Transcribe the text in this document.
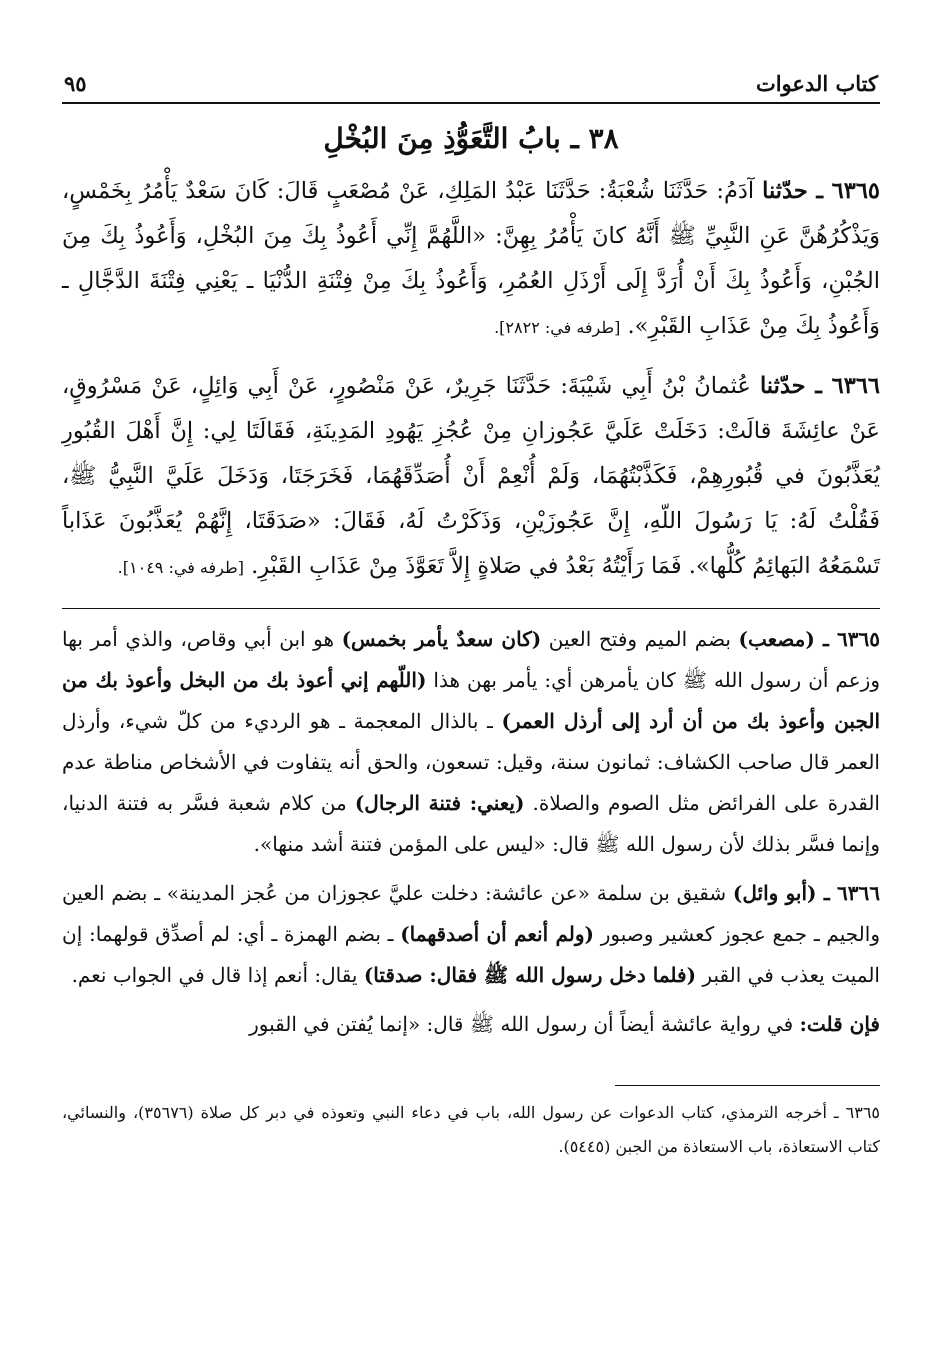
كتاب الدعوات
٩٥
٣٨ ـ بابُ التَّعَوُّذِ مِنَ البُخْلِ

٦٣٦٥ ـ حدّثنا آدَمُ: حَدَّثَنَا شُعْبَةُ: حَدَّثَنَا عَبْدُ المَلِكِ، عَنْ مُصْعَبٍ قَالَ: كَانَ سَعْدٌ يَأْمُرُ بِخَمْسٍ، وَيَذْكُرُهُنَّ عَنِ النَّبِيِّ ﷺ أَنَّهُ كانَ يَأْمُرُ بِهِنَّ: «اللَّهُمَّ إِنِّي أَعُوذُ بِكَ مِنَ البُخْلِ، وَأَعُوذُ بِكَ مِنَ الجُبْنِ، وَأَعُوذُ بِكَ أَنْ أُرَدَّ إِلَى أَرْذَلِ العُمُرِ، وَأَعُوذُ بِكَ مِنْ فِتْنَةِ الدُّنْيَا ـ يَعْنِي فِتْنَةَ الدَّجَّالِ ـ وَأَعُوذُ بِكَ مِنْ عَذَابِ القَبْرِ». [طرفه في: ٢٨٢٢].

٦٣٦٦ ـ حدّثنا عُثمانُ بْنُ أَبِي شَيْبَةَ: حَدَّثَنَا جَرِيرٌ، عَنْ مَنْصُورٍ، عَنْ أَبِي وَائِلٍ، عَنْ مَسْرُوقٍ، عَنْ عائِشَةَ قالَتْ: دَخَلَتْ عَلَيَّ عَجُوزانِ مِنْ عُجُزِ يَهُودِ المَدِينَةِ، فَقَالَتَا لِي: إِنَّ أَهْلَ القُبُورِ يُعَذَّبُونَ في قُبُورِهِمْ، فَكَذَّبْتُهُمَا، وَلَمْ أُنْعِمْ أَنْ أُصَدِّقَهُمَا، فَخَرَجَتَا، وَدَخَلَ عَلَيَّ النَّبِيُّ ﷺ، فَقُلْتُ لَهُ: يَا رَسُولَ اللّهِ، إِنَّ عَجُوزَيْنِ، وَذَكَرْتُ لَهُ، فَقَالَ: «صَدَقَتَا، إِنَّهُمْ يُعَذَّبُونَ عَذَاباً تَسْمَعُهُ البَهائِمُ كُلُّها». فَمَا رَأَيْتُهُ بَعْدُ في صَلاةٍ إِلاَّ تَعَوَّذَ مِنْ عَذَابِ القَبْرِ. [طرفه في: ١٠٤٩].

٦٣٦٥ ـ (مصعب) بضم الميم وفتح العين (كان سعدٌ يأمر بخمس) هو ابن أبي وقاص، والذي أمر بها وزعم أن رسول الله ﷺ كان يأمرهن أي: يأمر بهن هذا (اللّهم إني أعوذ بك من البخل وأعوذ بك من الجبن وأعوذ بك من أن أرد إلى أرذل العمر) ـ بالذال المعجمة ـ هو الرديء من كلّ شيء، وأرذل العمر قال صاحب الكشاف: ثمانون سنة، وقيل: تسعون، والحق أنه يتفاوت في الأشخاص مناطة عدم القدرة على الفرائض مثل الصوم والصلاة. (يعني: فتنة الرجال) من كلام شعبة فسَّر به فتنة الدنيا، وإنما فسَّر بذلك لأن رسول الله ﷺ قال: «ليس على المؤمن فتنة أشد منها».

٦٣٦٦ ـ (أبو وائل) شقيق بن سلمة «عن عائشة: دخلت عليَّ عجوزان من عُجز المدينة» ـ بضم العين والجيم ـ جمع عجوز كعشير وصبور (ولم أنعم أن أصدقهما) ـ بضم الهمزة ـ أي: لم أصدِّق قولهما: إن الميت يعذب في القبر (فلما دخل رسول الله ﷺ فقال: صدقتا) يقال: أنعم إذا قال في الجواب نعم.

فإن قلت: في رواية عائشة أيضاً أن رسول الله ﷺ قال: «إنما يُفتن في القبور

٦٣٦٥ ـ أخرجه الترمذي، كتاب الدعوات عن رسول الله، باب في دعاء النبي وتعوذه في دبر كل صلاة (٣٥٦٧٦)، والنسائي، كتاب الاستعاذة، باب الاستعاذة من الجبن (٥٤٤٥).
